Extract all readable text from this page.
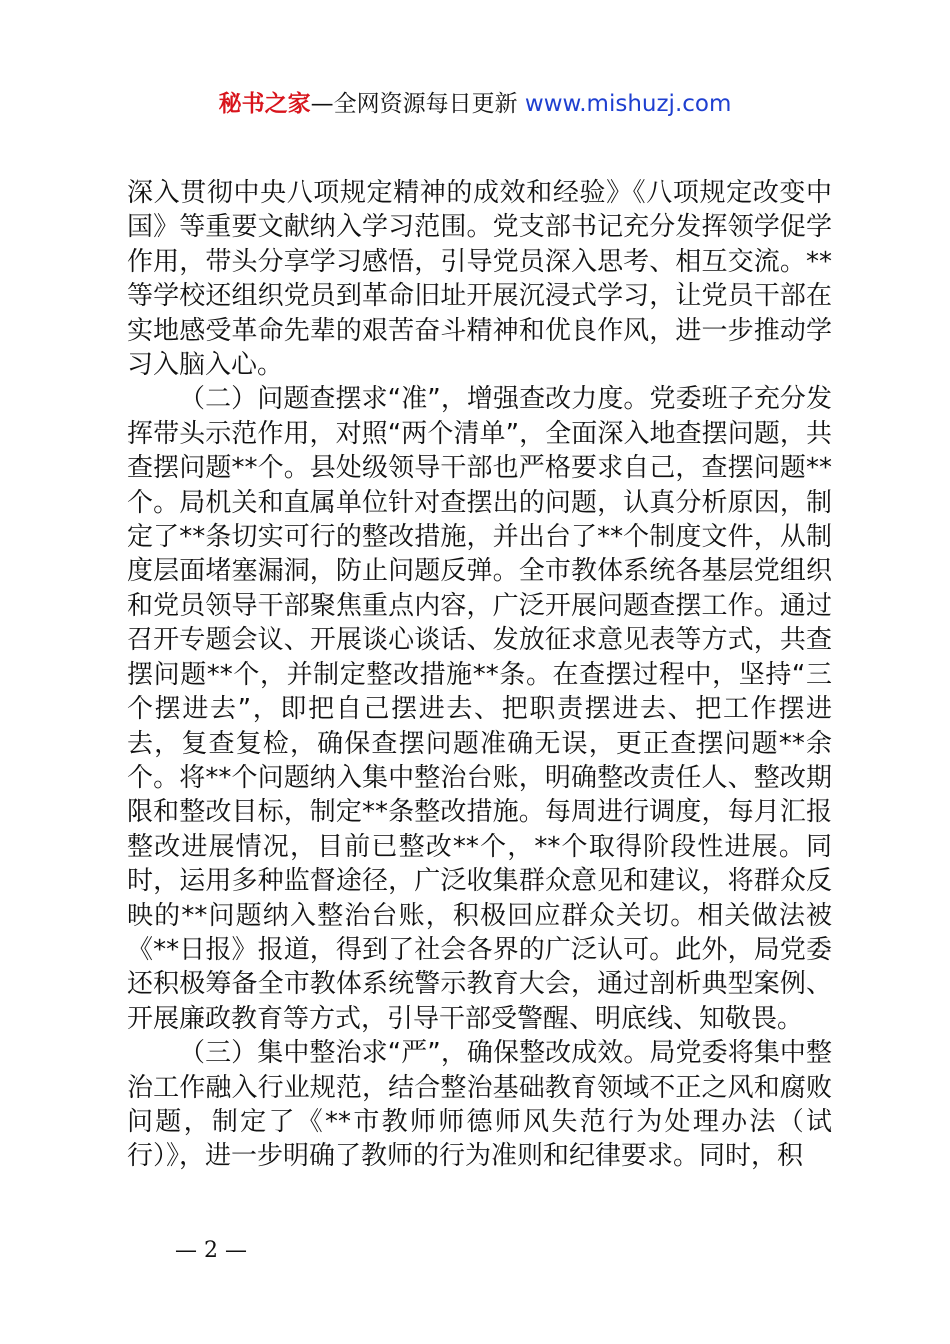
秘书之家—全网资源每日更新 www.mishuzj.com

深入贯彻中央八项规定精神的成效和经验》《八项规定改变中国》等重要文献纳入学习范围。党支部书记充分发挥领学促学作用，带头分享学习感悟，引导党员深入思考、相互交流。**等学校还组织党员到革命旧址开展沉浸式学习，让党员干部在实地感受革命先辈的艰苦奋斗精神和优良作风，进一步推动学习入脑入心。

（二）问题查摆求“准”，增强查改力度。党委班子充分发挥带头示范作用，对照“两个清单”，全面深入地查摆问题，共查摆问题**个。县处级领导干部也严格要求自己，查摆问题**个。局机关和直属单位针对查摆出的问题，认真分析原因，制定了**条切实可行的整改措施，并出台了**个制度文件，从制度层面堵塞漏洞，防止问题反弹。全市教体系统各基层党组织和党员领导干部聚焦重点内容，广泛开展问题查摆工作。通过召开专题会议、开展谈心谈话、发放征求意见表等方式，共查摆问题**个，并制定整改措施**条。在查摆过程中，坚持“三个摆进去”，即把自己摆进去、把职责摆进去、把工作摆进去，复查复检，确保查摆问题准确无误，更正查摆问题**余个。将**个问题纳入集中整治台账，明确整改责任人、整改期限和整改目标，制定**条整改措施。每周进行调度，每月汇报整改进展情况，目前已整改**个，**个取得阶段性进展。同时，运用多种监督途径，广泛收集群众意见和建议，将群众反映的**问题纳入整治台账，积极回应群众关切。相关做法被《**日报》报道，得到了社会各界的广泛认可。此外，局党委还积极筹备全市教体系统警示教育大会，通过剖析典型案例、开展廉政教育等方式，引导干部受警醒、明底线、知敬畏。

（三）集中整治求“严”，确保整改成效。局党委将集中整治工作融入行业规范，结合整治基础教育领域不正之风和腐败问题，制定了《**市教师师德师风失范行为处理办法（试行）》，进一步明确了教师的行为准则和纪律要求。同时，积

— 2 —
